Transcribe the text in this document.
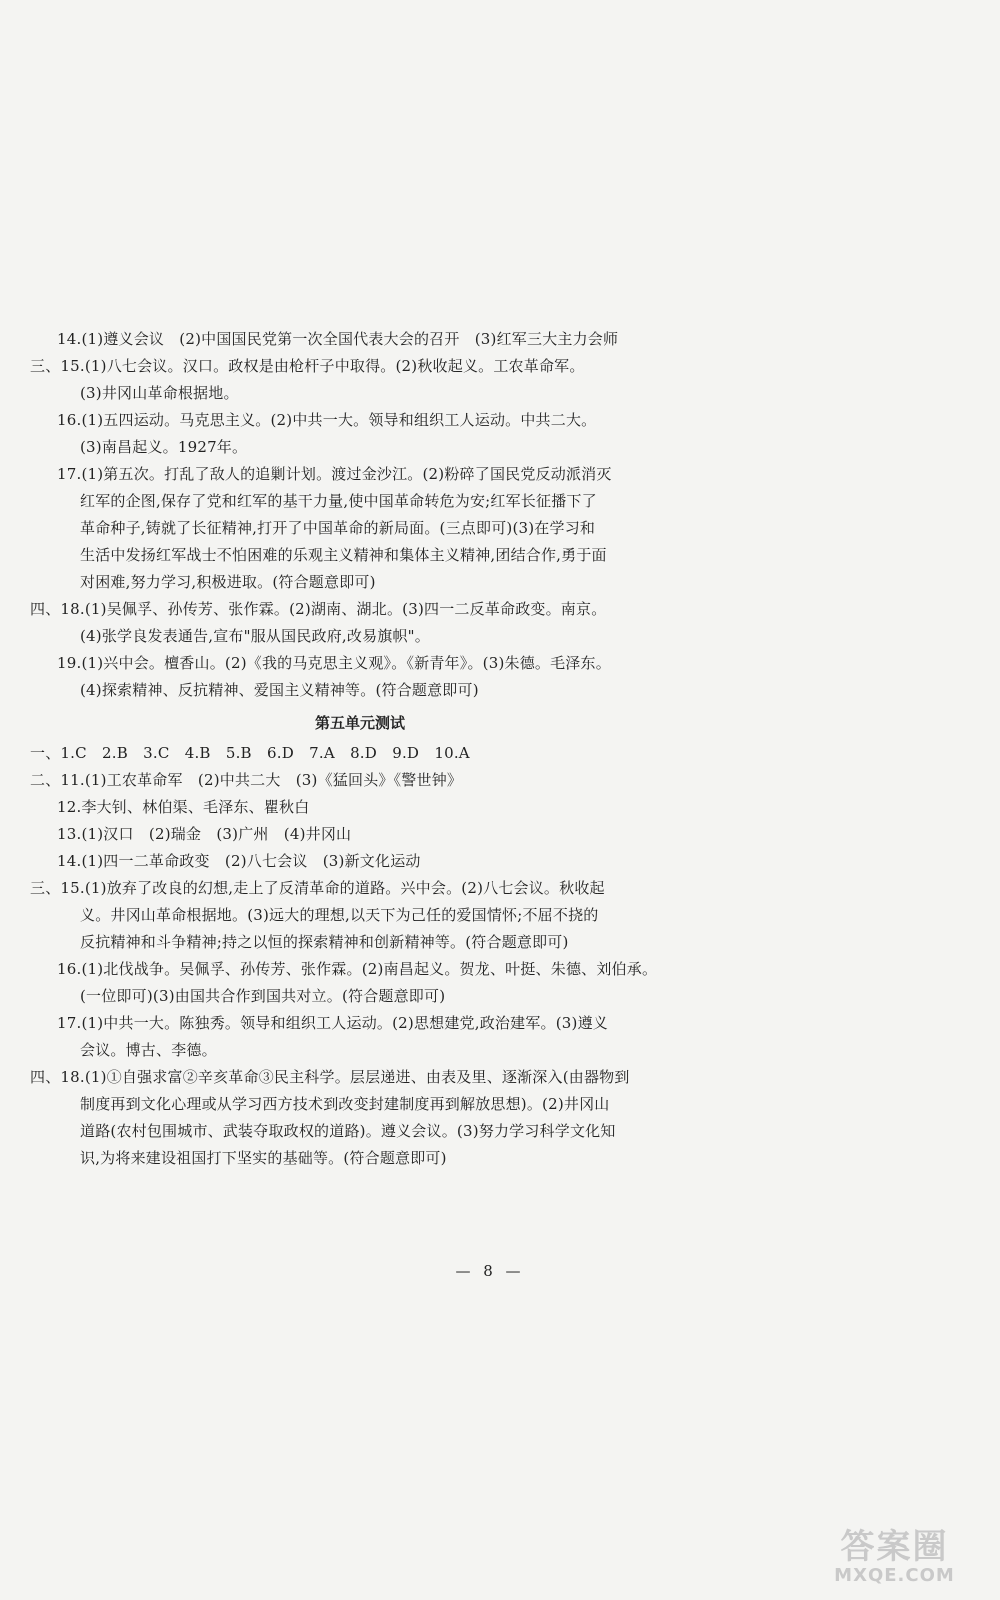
14.(1)遵义会议　(2)中国国民党第一次全国代表大会的召开　(3)红军三大主力会师
三、15.(1)八七会议。汉口。政权是由枪杆子中取得。(2)秋收起义。工农革命军。
(3)井冈山革命根据地。
16.(1)五四运动。马克思主义。(2)中共一大。领导和组织工人运动。中共二大。
(3)南昌起义。1927年。
17.(1)第五次。打乱了敌人的追剿计划。渡过金沙江。(2)粉碎了国民党反动派消灭
红军的企图,保存了党和红军的基干力量,使中国革命转危为安;红军长征播下了
革命种子,铸就了长征精神,打开了中国革命的新局面。(三点即可)(3)在学习和
生活中发扬红军战士不怕困难的乐观主义精神和集体主义精神,团结合作,勇于面
对困难,努力学习,积极进取。(符合题意即可)
四、18.(1)吴佩孚、孙传芳、张作霖。(2)湖南、湖北。(3)四一二反革命政变。南京。
(4)张学良发表通告,宣布"服从国民政府,改易旗帜"。
19.(1)兴中会。檀香山。(2)《我的马克思主义观》。《新青年》。(3)朱德。毛泽东。
(4)探索精神、反抗精神、爱国主义精神等。(符合题意即可)
第五单元测试
一、1.C　2.B　3.C　4.B　5.B　6.D　7.A　8.D　9.D　10.A
二、11.(1)工农革命军　(2)中共二大　(3)《猛回头》《警世钟》
12.李大钊、林伯渠、毛泽东、瞿秋白
13.(1)汉口　(2)瑞金　(3)广州　(4)井冈山
14.(1)四一二革命政变　(2)八七会议　(3)新文化运动
三、15.(1)放弃了改良的幻想,走上了反清革命的道路。兴中会。(2)八七会议。秋收起
义。井冈山革命根据地。(3)远大的理想,以天下为己任的爱国情怀;不屈不挠的
反抗精神和斗争精神;持之以恒的探索精神和创新精神等。(符合题意即可)
16.(1)北伐战争。吴佩孚、孙传芳、张作霖。(2)南昌起义。贺龙、叶挺、朱德、刘伯承。
(一位即可)(3)由国共合作到国共对立。(符合题意即可)
17.(1)中共一大。陈独秀。领导和组织工人运动。(2)思想建党,政治建军。(3)遵义
会议。博古、李德。
四、18.(1)①自强求富②辛亥革命③民主科学。层层递进、由表及里、逐渐深入(由器物到
制度再到文化心理或从学习西方技术到改变封建制度再到解放思想)。(2)井冈山
道路(农村包围城市、武装夺取政权的道路)。遵义会议。(3)努力学习科学文化知
识,为将来建设祖国打下坚实的基础等。(符合题意即可)
— 8 —
答案圈
MXQE.COM
